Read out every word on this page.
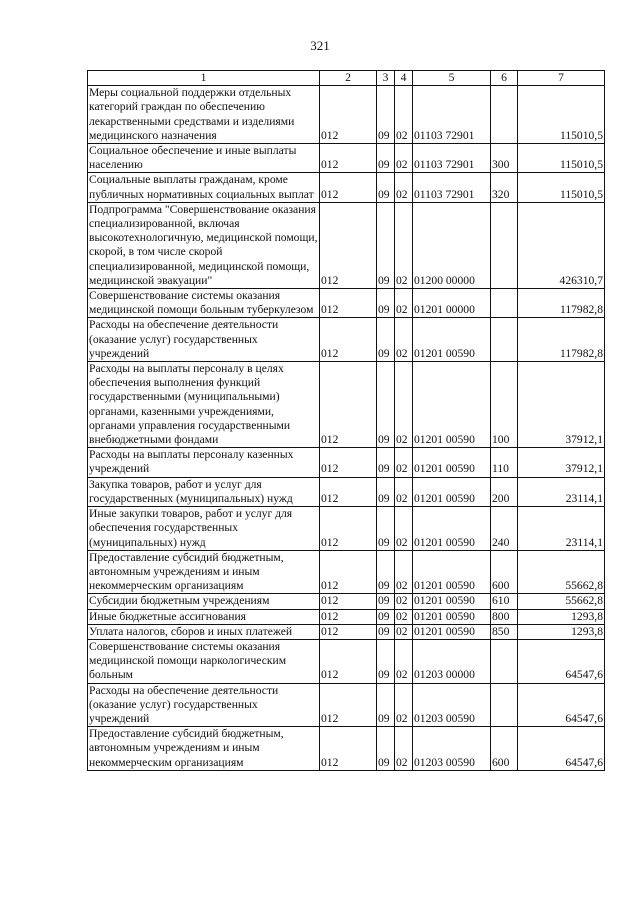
321
1	2	3	4	5	6	7
Меры социальной поддержки отдельных категорий граждан по обеспечению лекарственными средствами и изделиями медицинского назначения	012	09	02	01103 72901		115010,5
Социальное обеспечение и иные выплаты населению	012	09	02	01103 72901	300	115010,5
Социальные выплаты гражданам, кроме публичных нормативных социальных выплат	012	09	02	01103 72901	320	115010,5
Подпрограмма "Совершенствование оказания специализированной, включая высокотехнологичную, медицинской помощи, скорой, в том числе скорой специализированной, медицинской помощи, медицинской эвакуации"	012	09	02	01200 00000		426310,7
Совершенствование системы оказания медицинской помощи больным туберкулезом	012	09	02	01201 00000		117982,8
Расходы на обеспечение деятельности (оказание услуг) государственных учреждений	012	09	02	01201 00590		117982,8
Расходы на выплаты персоналу в целях обеспечения выполнения функций государственными (муниципальными) органами, казенными учреждениями, органами управления государственными внебюджетными фондами	012	09	02	01201 00590	100	37912,1
Расходы на выплаты персоналу казенных учреждений	012	09	02	01201 00590	110	37912,1
Закупка товаров, работ и услуг для государственных (муниципальных) нужд	012	09	02	01201 00590	200	23114,1
Иные закупки товаров, работ и услуг для обеспечения государственных (муниципальных) нужд	012	09	02	01201 00590	240	23114,1
Предоставление субсидий бюджетным, автономным учреждениям и иным некоммерческим организациям	012	09	02	01201 00590	600	55662,8
Субсидии бюджетным учреждениям	012	09	02	01201 00590	610	55662,8
Иные бюджетные ассигнования	012	09	02	01201 00590	800	1293,8
Уплата налогов, сборов и иных платежей	012	09	02	01201 00590	850	1293,8
Совершенствование системы оказания медицинской помощи наркологическим больным	012	09	02	01203 00000		64547,6
Расходы на обеспечение деятельности (оказание услуг) государственных учреждений	012	09	02	01203 00590		64547,6
Предоставление субсидий бюджетным, автономным учреждениям и иным некоммерческим организациям	012	09	02	01203 00590	600	64547,6
